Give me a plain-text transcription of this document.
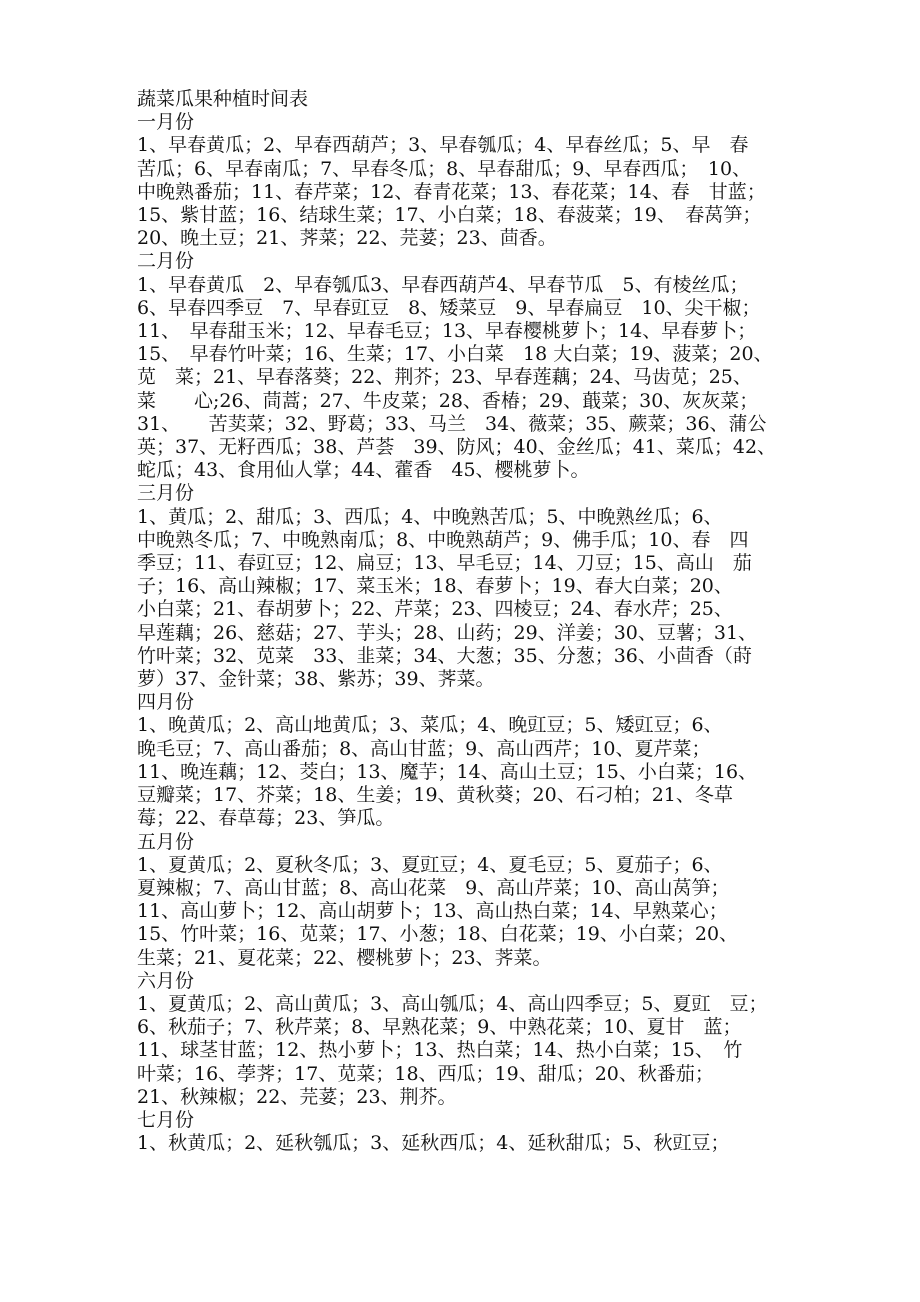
蔬菜瓜果种植时间表
一月份
1、早春黄瓜；2、早春西葫芦；3、早春瓠瓜；4、早春丝瓜；5、早　春
苦瓜；6、早春南瓜；7、早春冬瓜；8、早春甜瓜；9、早春西瓜；　10、
中晚熟番茄；11、春芹菜；12、春青花菜；13、春花菜；14、春　甘蓝；
15、紫甘蓝；16、结球生菜；17、小白菜；18、春菠菜；19、　春莴笋；
20、晚土豆；21、荠菜；22、芫荽；23、茴香。
二月份
1、早春黄瓜　2、早春瓠瓜3、早春西葫芦4、早春节瓜　5、有棱丝瓜；
6、早春四季豆　7、早春豇豆　8、矮菜豆　9、早春扁豆　10、尖干椒；
11、　早春甜玉米；12、早春毛豆；13、早春樱桃萝卜；14、早春萝卜；
15、　早春竹叶菜；16、生菜；17、小白菜　18 大白菜；19、菠菜；20、
苋　菜；21、早春落葵；22、荆芥；23、早春莲藕；24、马齿苋；25、
菜　　心;26、茼蒿；27、牛皮菜；28、香椿；29、蕺菜；30、灰灰菜；
31、　　苦荬菜；32、野葛；33、马兰　34、薇菜；35、蕨菜；36、蒲公
英；37、无籽西瓜；38、芦荟　39、防风；40、金丝瓜；41、菜瓜；42、
蛇瓜；43、食用仙人掌；44、藿香　45、樱桃萝卜。
三月份
1、黄瓜；2、甜瓜；3、西瓜；4、中晚熟苦瓜；5、中晚熟丝瓜；6、
中晚熟冬瓜；7、中晚熟南瓜；8、中晚熟葫芦；9、佛手瓜；10、春　四
季豆；11、春豇豆；12、扁豆；13、早毛豆；14、刀豆；15、高山　茄
子；16、高山辣椒；17、菜玉米；18、春萝卜；19、春大白菜；20、
小白菜；21、春胡萝卜；22、芹菜；23、四棱豆；24、春水芹；25、
早莲藕；26、慈菇；27、芋头；28、山药；29、洋姜；30、豆薯；31、
竹叶菜；32、苋菜　33、韭菜；34、大葱；35、分葱；36、小茴香（莳
萝）37、金针菜；38、紫苏；39、荠菜。
四月份
1、晚黄瓜；2、高山地黄瓜；3、菜瓜；4、晚豇豆；5、矮豇豆；6、
晚毛豆；7、高山番茄；8、高山甘蓝；9、高山西芹；10、夏芹菜；
11、晚连藕；12、茭白；13、魔芋；14、高山土豆；15、小白菜；16、
豆瓣菜；17、芥菜；18、生姜；19、黄秋葵；20、石刁柏；21、冬草
莓；22、春草莓；23、笋瓜。
五月份
1、夏黄瓜；2、夏秋冬瓜；3、夏豇豆；4、夏毛豆；5、夏茄子；6、
夏辣椒；7、高山甘蓝；8、高山花菜　9、高山芹菜；10、高山莴笋；
11、高山萝卜；12、高山胡萝卜；13、高山热白菜；14、早熟菜心；
15、竹叶菜；16、苋菜；17、小葱；18、白花菜；19、小白菜；20、
生菜；21、夏花菜；22、樱桃萝卜；23、荠菜。
六月份
1、夏黄瓜；2、高山黄瓜；3、高山瓠瓜；4、高山四季豆；5、夏豇　豆；
6、秋茄子；7、秋芹菜；8、早熟花菜；9、中熟花菜；10、夏甘　蓝；
11、球茎甘蓝；12、热小萝卜；13、热白菜；14、热小白菜；15、　竹
叶菜；16、荸荠；17、苋菜；18、西瓜；19、甜瓜；20、秋番茄；
21、秋辣椒；22、芫荽；23、荆芥。
七月份
1、秋黄瓜；2、延秋瓠瓜；3、延秋西瓜；4、延秋甜瓜；5、秋豇豆；
